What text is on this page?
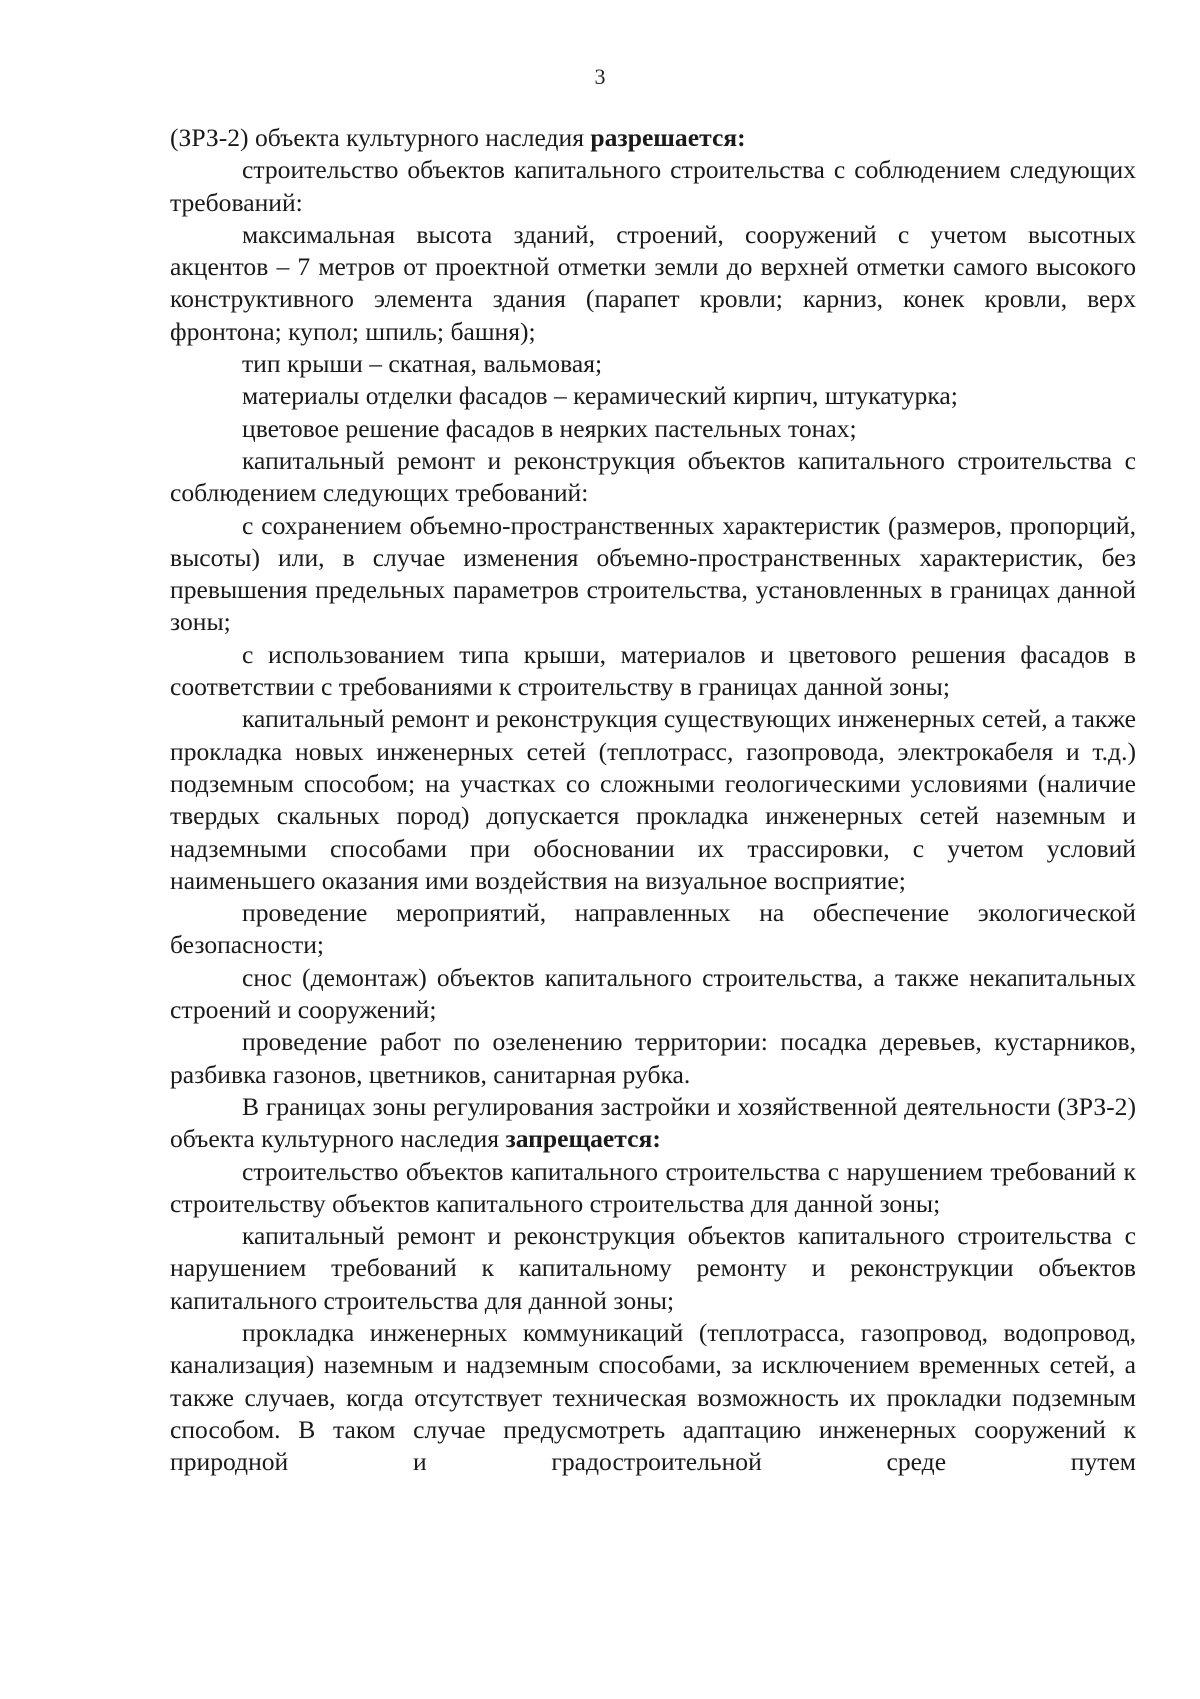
3

(ЗРЗ-2) объекта культурного наследия разрешается:

строительство объектов капитального строительства с соблюдением следующих требований:

максимальная высота зданий, строений, сооружений с учетом высотных акцентов – 7 метров от проектной отметки земли до верхней отметки самого высокого конструктивного элемента здания (парапет кровли; карниз, конек кровли, верх фронтона; купол; шпиль; башня);

тип крыши – скатная, вальмовая;

материалы отделки фасадов – керамический кирпич, штукатурка;

цветовое решение фасадов в неярких пастельных тонах;

капитальный ремонт и реконструкция объектов капитального строительства с соблюдением следующих требований:

с сохранением объемно-пространственных характеристик (размеров, пропорций, высоты) или, в случае изменения объемно-пространственных характеристик, без превышения предельных параметров строительства, установленных в границах данной зоны;

с использованием типа крыши, материалов и цветового решения фасадов в соответствии с требованиями к строительству в границах данной зоны;

капитальный ремонт и реконструкция существующих инженерных сетей, а также прокладка новых инженерных сетей (теплотрасс, газопровода, электрокабеля и т.д.) подземным способом; на участках со сложными геологическими условиями (наличие твердых скальных пород) допускается прокладка инженерных сетей наземным и надземными способами при обосновании их трассировки, с учетом условий наименьшего оказания ими воздействия на визуальное восприятие;

проведение мероприятий, направленных на обеспечение экологической безопасности;

снос (демонтаж) объектов капитального строительства, а также некапитальных строений и сооружений;

проведение работ по озеленению территории: посадка деревьев, кустарников, разбивка газонов, цветников, санитарная рубка.

В границах зоны регулирования застройки и хозяйственной деятельности (ЗРЗ-2) объекта культурного наследия запрещается:

строительство объектов капитального строительства с нарушением требований к строительству объектов капитального строительства для данной зоны;

капитальный ремонт и реконструкция объектов капитального строительства с нарушением требований к капитальному ремонту и реконструкции объектов капитального строительства для данной зоны;

прокладка инженерных коммуникаций (теплотрасса, газопровод, водопровод, канализация) наземным и надземным способами, за исключением временных сетей, а также случаев, когда отсутствует техническая возможность их прокладки подземным способом. В таком случае предусмотреть адаптацию инженерных сооружений к природной и градостроительной среде путем
